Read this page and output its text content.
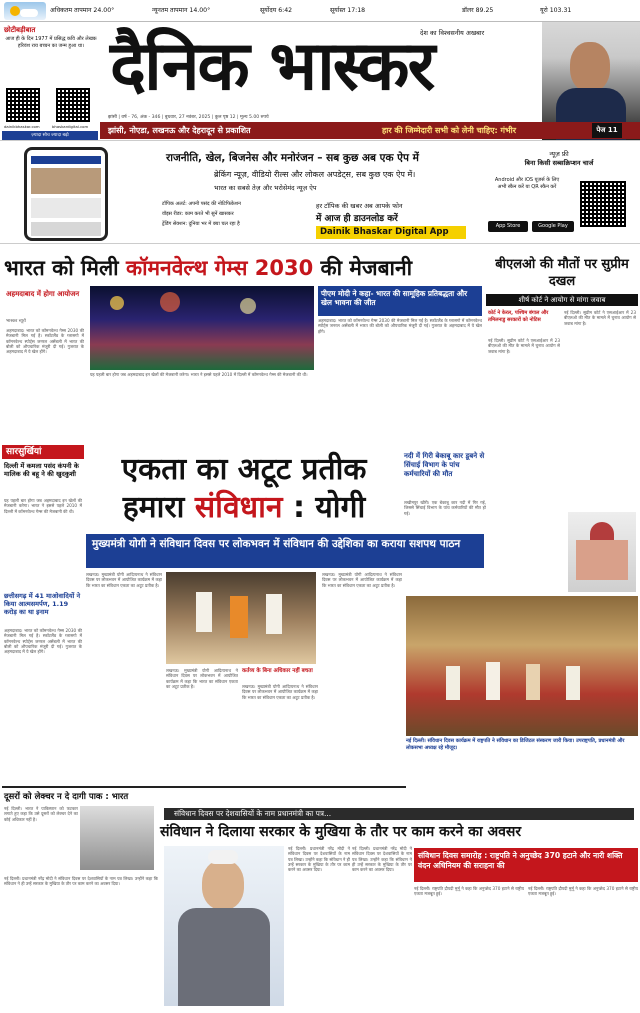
अधिकतम तापमान 24.00°	न्यूनतम तापमान 14.00°	सूर्योदय 6:42	सूर्यास्त 17:18	डॉलर 89.25	यूरो 103.31
छोटीबड़ीबात
आज ही के दिन 1977 में प्रसिद्ध कवि और लेखक हरिवंश राय बच्चन का जन्म हुआ था।
dainikbhaskar.com	bhaskardigital.com
ज़्यादा सोच ज्यादा बढ़ो
दैनिक भास्कर
देश का विश्वसनीय अखबार
झांसी | वर्ष - 76, अंक - 346 | बुधवार, 27 नवंबर, 2025 | कुल पृष्ठ 12 | मूल्य 5.00 रुपये
झांसी, नोएडा, लखनऊ और देहरादून से प्रकाशित	हार की जिम्मेदारी सभी को लेनी चाहिए: गंभीर	पेज 11
राजनीति, खेल, बिजनेस और मनोरंजन – सब कुछ अब एक ऐप में
ब्रेकिंग न्यूज़, वीडियो रील्स और लोकल अपडेट्स, सब कुछ एक ऐप में।
भारत का सबसे तेज़ और भरोसेमंद न्यूज़ ऐप
टॉपिक अलर्ट: अपनी पसंद की नोटिफिकेशन
वॉइस रीडर: काम करते भी सुनें खासकर
ट्रेंडिंग सेक्शन: दुनिया भर में क्या चल रहा है
हर टॉपिक की खबर अब आपके फोन
में आज ही डाउनलोड करें
Dainik Bhaskar Digital App
न्यूज़ फ्री
बिना किसी सब्सक्रिप्शन चार्ज
Android और iOS यूज़र्स के लिए
अभी स्कैन करें या QR स्कैन करें
App Store	Google Play
भारत को मिली कॉमनवेल्थ गेम्स 2030 की मेजबानी
अहमदाबाद में होगा आयोजन
भास्कर ब्यूरो
अहमदाबाद। भारत को कॉमनवेल्थ गेम्स 2030 की मेजबानी मिल गई है। स्कॉटलैंड के ग्लासगो में कॉमनवेल्थ स्पोर्ट्स जनरल असेंबली में भारत की बोली को औपचारिक मंजूरी दी गई। गुजरात के अहमदाबाद में ये खेल होंगे।
पीएम मोदी ने कहा- भारत की सामूहिक प्रतिबद्धता और खेल भावना की जीत
यह पहली बार होगा जब अहमदाबाद इन खेलों की मेजबानी करेगा। भारत ने इससे पहले 2010 में दिल्ली में कॉमनवेल्थ गेम्स की मेजबानी की थी।
अहमदाबाद। भारत को कॉमनवेल्थ गेम्स 2030 की मेजबानी मिल गई है। स्कॉटलैंड के ग्लासगो में कॉमनवेल्थ स्पोर्ट्स जनरल असेंबली में भारत की बोली को औपचारिक मंजूरी दी गई। गुजरात के अहमदाबाद में ये खेल होंगे।
बीएलओ की मौतों पर सुप्रीम दखल
शीर्ष कोर्ट ने आयोग से मांगा जवाब
कोर्ट ने केरल, पश्चिम बंगाल और तमिलनाडु सरकारों को नोटिस
नई दिल्ली। सुप्रीम कोर्ट ने एसआईआर में 23 बीएलओ की मौत के मामले में चुनाव आयोग से जवाब मांगा है।
नई दिल्ली। सुप्रीम कोर्ट ने एसआईआर में 23 बीएलओ की मौत के मामले में चुनाव आयोग से जवाब मांगा है।
सारसुर्खियां
दिल्ली में कमला पसंद कंपनी के मालिक की बहू ने की खुदकुशी
यह पहली बार होगा जब अहमदाबाद इन खेलों की मेजबानी करेगा। भारत ने इससे पहले 2010 में दिल्ली में कॉमनवेल्थ गेम्स की मेजबानी की थी।
छत्तीसगढ़ में 41 माओवादियों ने किया आत्मसमर्पण, 1.19 करोड़ का था इनाम
अहमदाबाद। भारत को कॉमनवेल्थ गेम्स 2030 की मेजबानी मिल गई है। स्कॉटलैंड के ग्लासगो में कॉमनवेल्थ स्पोर्ट्स जनरल असेंबली में भारत की बोली को औपचारिक मंजूरी दी गई। गुजरात के अहमदाबाद में ये खेल होंगे।
एकता का अटूट प्रतीक
हमारा संविधान : योगी
मुख्यमंत्री योगी ने संविधान दिवस पर लोकभवन में संविधान की उद्देशिका का कराया सशपथ पाठन
लखनऊ। मुख्यमंत्री योगी आदित्यनाथ ने संविधान दिवस पर लोकभवन में आयोजित कार्यक्रम में कहा कि भारत का संविधान एकता का अटूट प्रतीक है।
लखनऊ। मुख्यमंत्री योगी आदित्यनाथ ने संविधान दिवस पर लोकभवन में आयोजित कार्यक्रम में कहा कि भारत का संविधान एकता का अटूट प्रतीक है।
कर्तव्य के बिना अधिकार नहीं बचता
लखनऊ। मुख्यमंत्री योगी आदित्यनाथ ने संविधान दिवस पर लोकभवन में आयोजित कार्यक्रम में कहा कि भारत का संविधान एकता का अटूट प्रतीक है।
लखनऊ। मुख्यमंत्री योगी आदित्यनाथ ने संविधान दिवस पर लोकभवन में आयोजित कार्यक्रम में कहा कि भारत का संविधान एकता का अटूट प्रतीक है।
नदी में गिरी बेकाबू कार डूबने से सिंचाई विभाग के पांच कर्मचारियों की मौत
लखीमपुर खीरी। एक बेकाबू कार नदी में गिर गई, जिससे सिंचाई विभाग के पांच कर्मचारियों की मौत हो गई।
नई दिल्ली। संविधान दिवस कार्यक्रम में राष्ट्रपति ने संविधान का डिजिटल संस्करण जारी किया। उपराष्ट्रपति, प्रधानमंत्री और लोकसभा अध्यक्ष रहे मौजूद।
दूसरों को लेक्चर न दे दागी पाक : भारत
नई दिल्ली। भारत ने पाकिस्तान को फटकार लगाते हुए कहा कि उसे दूसरों को लेक्चर देने का कोई अधिकार नहीं है।
संविधान दिवस पर देशवासियों के नाम प्रधानमंत्री का पत्र...
संविधान ने दिलाया सरकार के मुखिया के तौर पर काम करने का अवसर
नई दिल्ली। प्रधानमंत्री नरेंद्र मोदी ने संविधान दिवस पर देशवासियों के नाम पत्र लिखा। उन्होंने कहा कि संविधान ने ही उन्हें सरकार के मुखिया के तौर पर काम करने का अवसर दिया।
नई दिल्ली। प्रधानमंत्री नरेंद्र मोदी ने संविधान दिवस पर देशवासियों के नाम पत्र लिखा। उन्होंने कहा कि संविधान ने ही उन्हें सरकार के मुखिया के तौर पर काम करने का अवसर दिया।
नई दिल्ली। प्रधानमंत्री नरेंद्र मोदी ने संविधान दिवस पर देशवासियों के नाम पत्र लिखा। उन्होंने कहा कि संविधान ने ही उन्हें सरकार के मुखिया के तौर पर काम करने का अवसर दिया।
संविधान दिवस समारोह : राष्ट्रपति ने अनुच्छेद 370 हटाने और नारी शक्ति वंदन अधिनियम की सराहना की
नई दिल्ली। राष्ट्रपति द्रौपदी मुर्मू ने कहा कि अनुच्छेद 370 हटाने से राष्ट्रीय एकता मजबूत हुई।
नई दिल्ली। राष्ट्रपति द्रौपदी मुर्मू ने कहा कि अनुच्छेद 370 हटाने से राष्ट्रीय एकता मजबूत हुई।
